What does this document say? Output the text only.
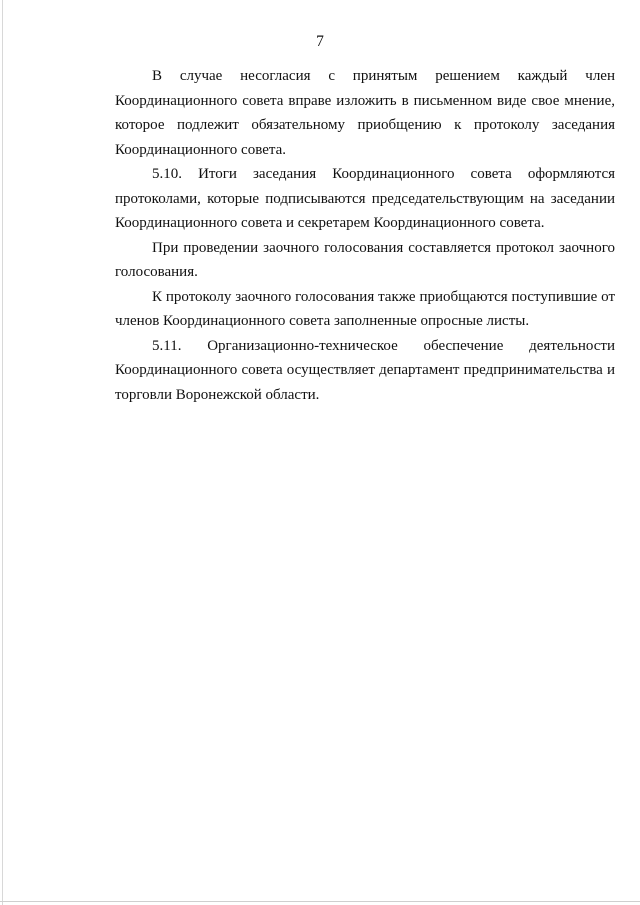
7

В случае несогласия с принятым решением каждый член Координационного совета вправе изложить в письменном виде свое мнение, которое подлежит обязательному приобщению к протоколу заседания Координационного совета.

5.10. Итоги заседания Координационного совета оформляются протоколами, которые подписываются председательствующим на заседании Координационного совета и секретарем Координационного совета.

При проведении заочного голосования составляется протокол заочного голосования.

К протоколу заочного голосования также приобщаются поступившие от членов Координационного совета заполненные опросные листы.

5.11. Организационно-техническое обеспечение деятельности Координационного совета осуществляет департамент предпринимательства и торговли Воронежской области.
